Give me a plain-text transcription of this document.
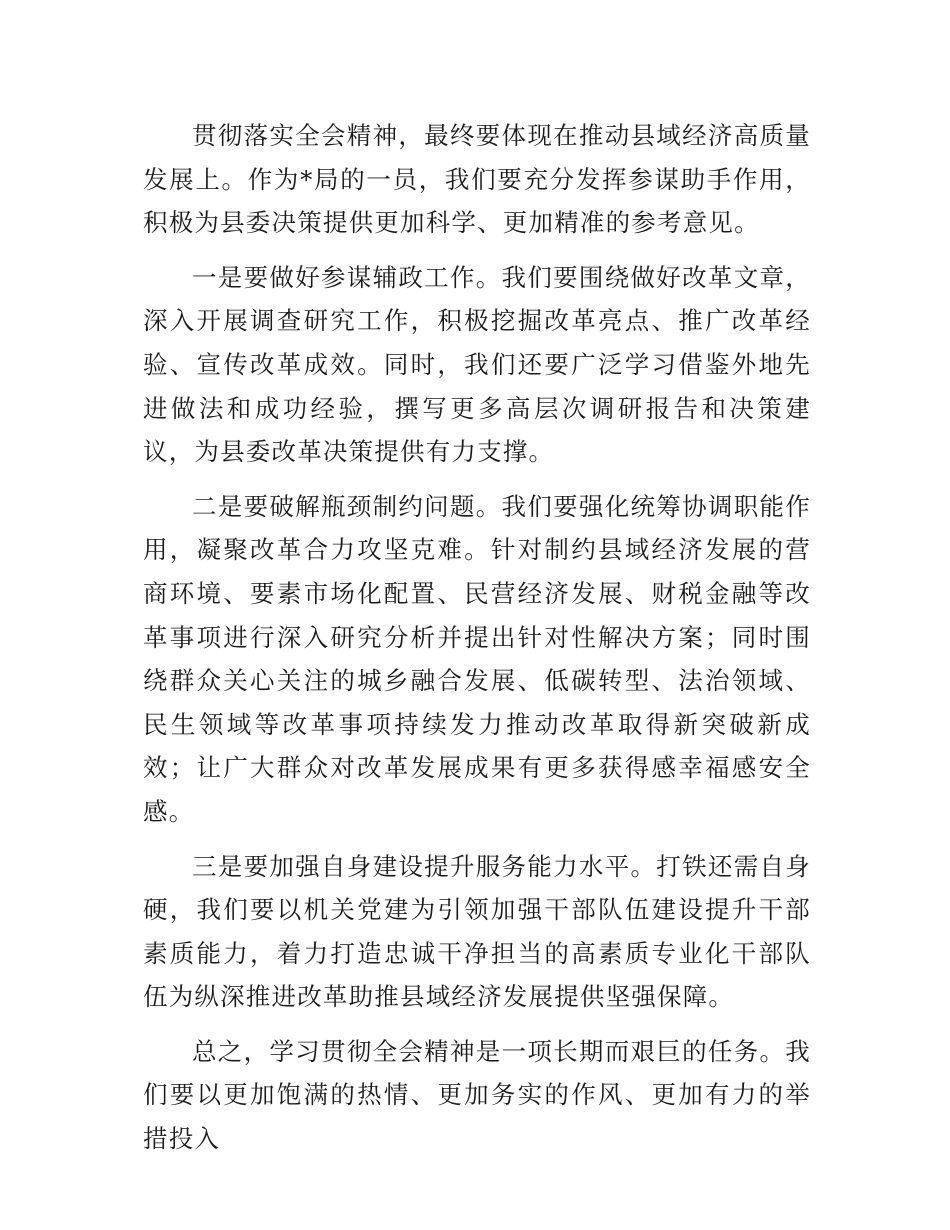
贯彻落实全会精神，最终要体现在推动县域经济高质量发展上。作为*局的一员，我们要充分发挥参谋助手作用，积极为县委决策提供更加科学、更加精准的参考意见。

一是要做好参谋辅政工作。我们要围绕做好改革文章，深入开展调查研究工作，积极挖掘改革亮点、推广改革经验、宣传改革成效。同时，我们还要广泛学习借鉴外地先进做法和成功经验，撰写更多高层次调研报告和决策建议，为县委改革决策提供有力支撑。

二是要破解瓶颈制约问题。我们要强化统筹协调职能作用，凝聚改革合力攻坚克难。针对制约县域经济发展的营商环境、要素市场化配置、民营经济发展、财税金融等改革事项进行深入研究分析并提出针对性解决方案；同时围绕群众关心关注的城乡融合发展、低碳转型、法治领域、民生领域等改革事项持续发力推动改革取得新突破新成效；让广大群众对改革发展成果有更多获得感幸福感安全感。

三是要加强自身建设提升服务能力水平。打铁还需自身硬，我们要以机关党建为引领加强干部队伍建设提升干部素质能力，着力打造忠诚干净担当的高素质专业化干部队伍为纵深推进改革助推县域经济发展提供坚强保障。

总之，学习贯彻全会精神是一项长期而艰巨的任务。我们要以更加饱满的热情、更加务实的作风、更加有力的举措投入
